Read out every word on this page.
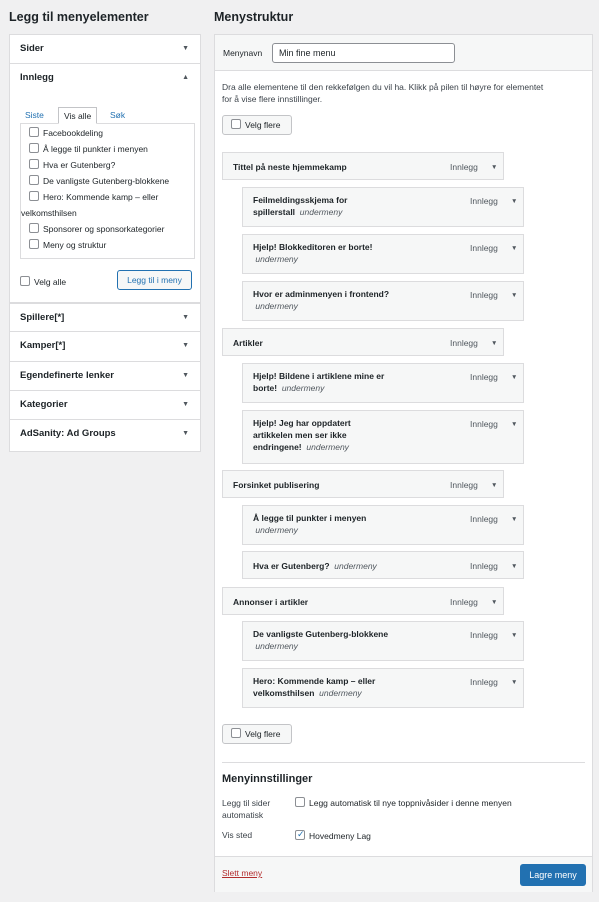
Legg til menyelementer
Sider	▼
Innlegg	▲
Siste	Vis alle	Søk
Facebookdeling
Å legge til punkter i menyen
Hva er Gutenberg?
De vanligste Gutenberg-blokkene
Hero: Kommende kamp – eller
velkomsthilsen
Sponsorer og sponsorkategorier
Meny og struktur
Velg alle	Legg til i meny
Spillere[*]	▼
Kamper[*]	▼
Egendefinerte lenker	▼
Kategorier	▼
AdSanity: Ad Groups	▼
Menystruktur
Menynavn
Min fine menu
Dra alle elementene til den rekkefølgen du vil ha. Klikk på pilen til høyre for elementet
for å vise flere innstillinger.
Velg flere
Tittel på neste hjemmekamp	Innlegg ▼
Feilmeldingsskjema for
spillerstall undermeny
Innlegg ▼
Hjelp! Blokkeditoren er borte!
undermeny
Innlegg ▼
Hvor er adminmenyen i frontend?
undermeny
Innlegg ▼
Artikler	Innlegg ▼
Hjelp! Bildene i artiklene mine er
borte! undermeny
Innlegg ▼
Hjelp! Jeg har oppdatert
artikkelen men ser ikke
endringene! undermeny
Innlegg ▼
Forsinket publisering	Innlegg ▼
Å legge til punkter i menyen
undermeny
Innlegg ▼
Hva er Gutenberg? undermeny	Innlegg ▼
Annonser i artikler	Innlegg ▼
De vanligste Gutenberg-blokkene
undermeny
Innlegg ▼
Hero: Kommende kamp – eller
velkomsthilsen undermeny
Innlegg ▼
Velg flere
Menyinnstillinger
Legg til sider
automatisk
Legg automatisk til nye toppnivåsider i denne menyen
Vis sted	✓ Hovedmeny Lag
Slett meny	Lagre meny
